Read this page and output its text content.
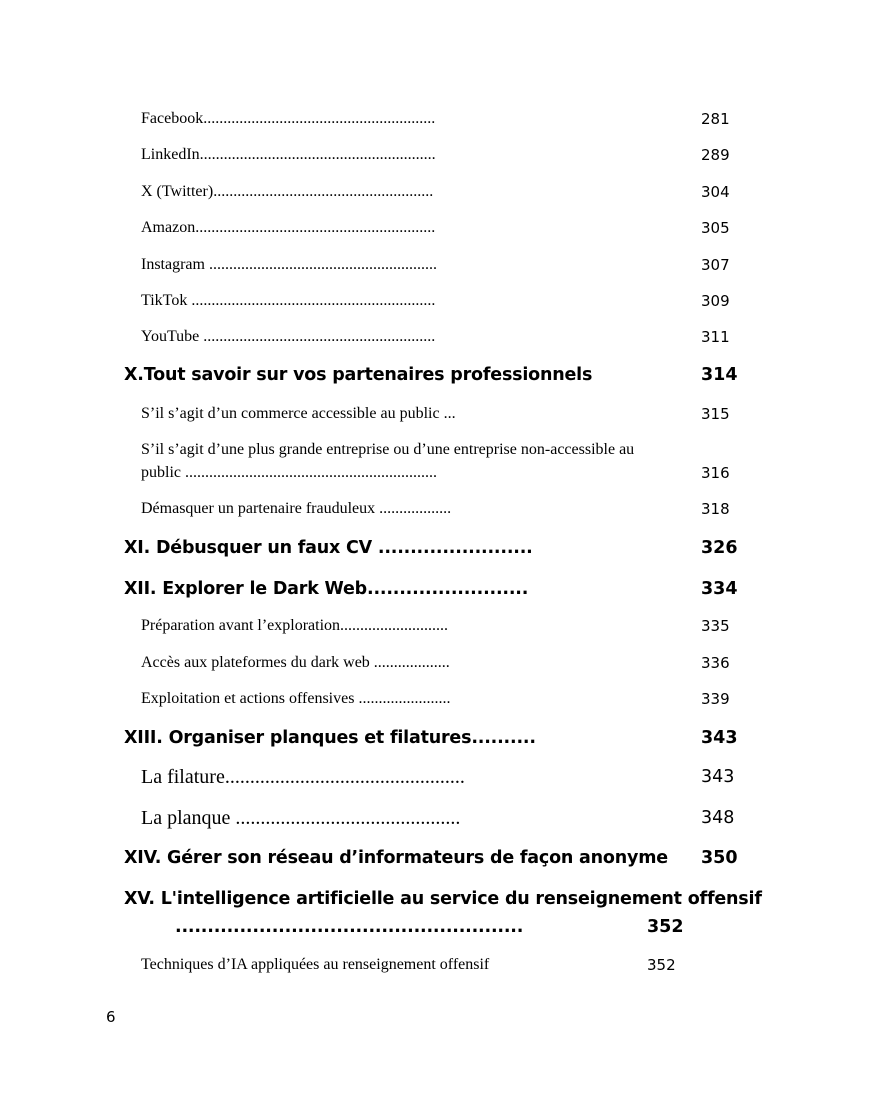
Facebook..........................................................	281
LinkedIn...........................................................	289
X (Twitter).......................................................	304
Amazon............................................................	305
Instagram .........................................................	307
TikTok .............................................................	309
YouTube ..........................................................	311
X.Tout savoir sur vos partenaires professionnels	314
S’il s’agit d’un commerce accessible au public ...	315
S’il s’agit d’une plus grande entreprise ou d’une entreprise non-accessible au
public ...............................................................	316
Démasquer un partenaire frauduleux ..................	318
XI. Débusquer un faux CV ........................	326
XII. Explorer le Dark Web.........................	334
Préparation avant l’exploration...........................	335
Accès aux plateformes du dark web ...................	336
Exploitation et actions offensives .......................	339
XIII. Organiser planques et filatures..........	343
La filature................................................	343
La planque .............................................	348
XIV. Gérer son réseau d’informateurs de façon anonyme 350
XV. L'intelligence artificielle au service du renseignement offensif
......................................................	352
Techniques d’IA appliquées au renseignement offensif	352
6
